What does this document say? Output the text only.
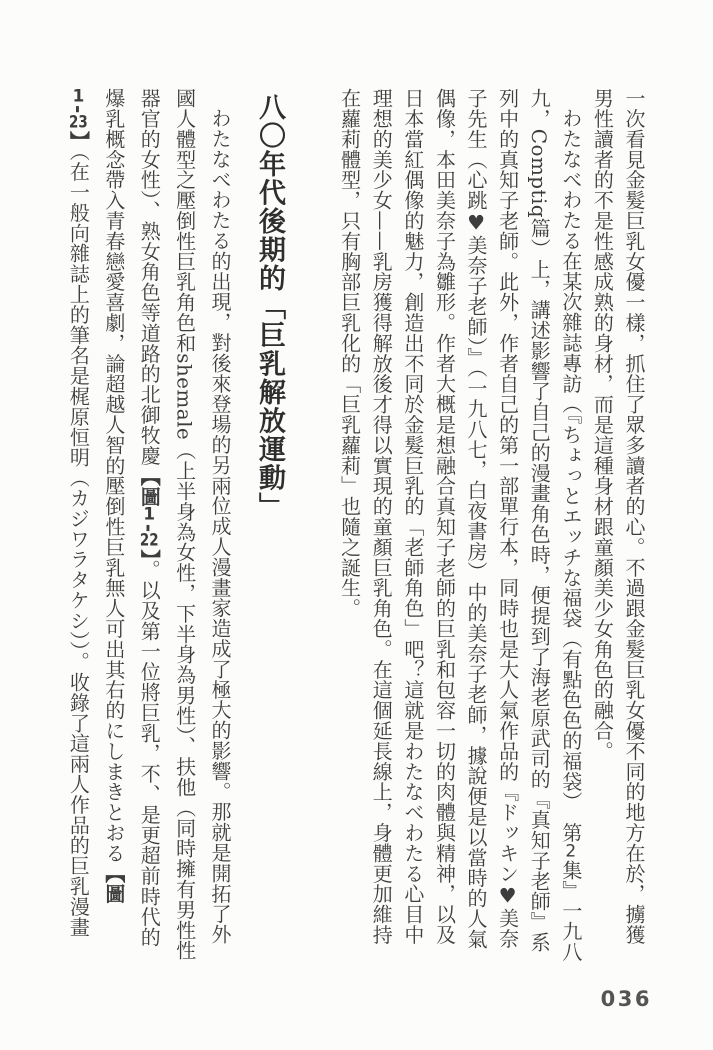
一次看見金髮巨乳女優一樣，抓住了眾多讀者的心。不過跟金髮巨乳女優不同的地方在於，擄獲男性讀者的不是性感成熟的身材，而是這種身材跟童顏美少女角色的融合。

わたなべわたる在某次雜誌專訪（『ちょっとエッチな福袋（有點色色的福袋）　第2集』一九八九，Comptiq篇）上，講述影響了自己的漫畫角色時，便提到了海老原武司的『真知子老師』系列中的真知子老師。此外，作者自己的第一部單行本，同時也是大人氣作品的『ドッキン♥美奈子先生（心跳♥美奈子老師）』（一九八七，白夜書房）中的美奈子老師，據說便是以當時的人氣偶像，本田美奈子為雛形。作者大概是想融合真知子老師的巨乳和包容一切的肉體與精神，以及日本當紅偶像的魅力，創造出不同於金髮巨乳的「老師角色」吧？這就是わたなべわたる心目中理想的美少女——乳房獲得解放後才得以實現的童顏巨乳角色。在這個延長線上，身體更加維持在蘿莉體型，只有胸部巨乳化的「巨乳蘿莉」也隨之誕生。

八〇年代後期的「巨乳解放運動」

わたなべわたる的出現，對後來登場的另兩位成人漫畫家造成了極大的影響。那就是開拓了外國人體型之壓倒性巨乳角色和shemale（上半身為女性，下半身為男性）、扶他（同時擁有男性性器官的女性）、熟女角色等道路的北御牧慶【圖1-22】。以及第一位將巨乳，不、是更超前時代的爆乳概念帶入青春戀愛喜劇，論超越人智的壓倒性巨乳無人可出其右的にしまきとおる【圖1-23】（在一般向雜誌上的筆名是梶原恒明（カジワラタケシ））。收錄了這兩人作品的巨乳漫畫

036
